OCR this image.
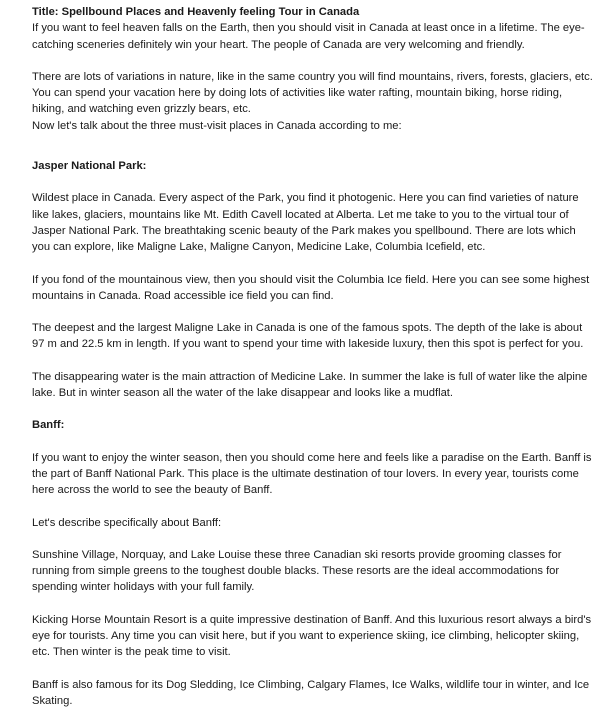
Title: Spellbound Places and Heavenly feeling Tour in Canada

If you want to feel heaven falls on the Earth, then you should visit in Canada at least once in a lifetime. The eye-catching sceneries definitely win your heart. The people of Canada are very welcoming and friendly.

There are lots of variations in nature, like in the same country you will find mountains, rivers, forests, glaciers, etc. You can spend your vacation here by doing lots of activities like water rafting, mountain biking, horse riding, hiking, and watching even grizzly bears, etc.

Now let's talk about the three must-visit places in Canada according to me:

Jasper National Park:

Wildest place in Canada. Every aspect of the Park, you find it photogenic. Here you can find varieties of nature like lakes, glaciers, mountains like Mt. Edith Cavell located at Alberta. Let me take to you to the virtual tour of Jasper National Park. The breathtaking scenic beauty of the Park makes you spellbound. There are lots which you can explore, like Maligne Lake, Maligne Canyon, Medicine Lake, Columbia Icefield, etc.

If you fond of the mountainous view, then you should visit the Columbia Ice field. Here you can see some highest mountains in Canada. Road accessible ice field you can find.

The deepest and the largest Maligne Lake in Canada is one of the famous spots. The depth of the lake is about 97 m and 22.5 km in length. If you want to spend your time with lakeside luxury, then this spot is perfect for you.

The disappearing water is the main attraction of Medicine Lake. In summer the lake is full of water like the alpine lake. But in winter season all the water of the lake disappear and looks like a mudflat.

Banff:

If you want to enjoy the winter season, then you should come here and feels like a paradise on the Earth. Banff is the part of Banff National Park. This place is the ultimate destination of tour lovers. In every year, tourists come here across the world to see the beauty of Banff.

Let's describe specifically about Banff:

Sunshine Village, Norquay, and Lake Louise these three Canadian ski resorts provide grooming classes for running from simple greens to the toughest double blacks. These resorts are the ideal accommodations for spending winter holidays with your full family.

Kicking Horse Mountain Resort is a quite impressive destination of Banff. And this luxurious resort always a bird's eye for tourists. Any time you can visit here, but if you want to experience skiing, ice climbing, helicopter skiing, etc. Then winter is the peak time to visit.

Banff is also famous for its Dog Sledding, Ice Climbing, Calgary Flames, Ice Walks, wildlife tour in winter, and Ice Skating.
